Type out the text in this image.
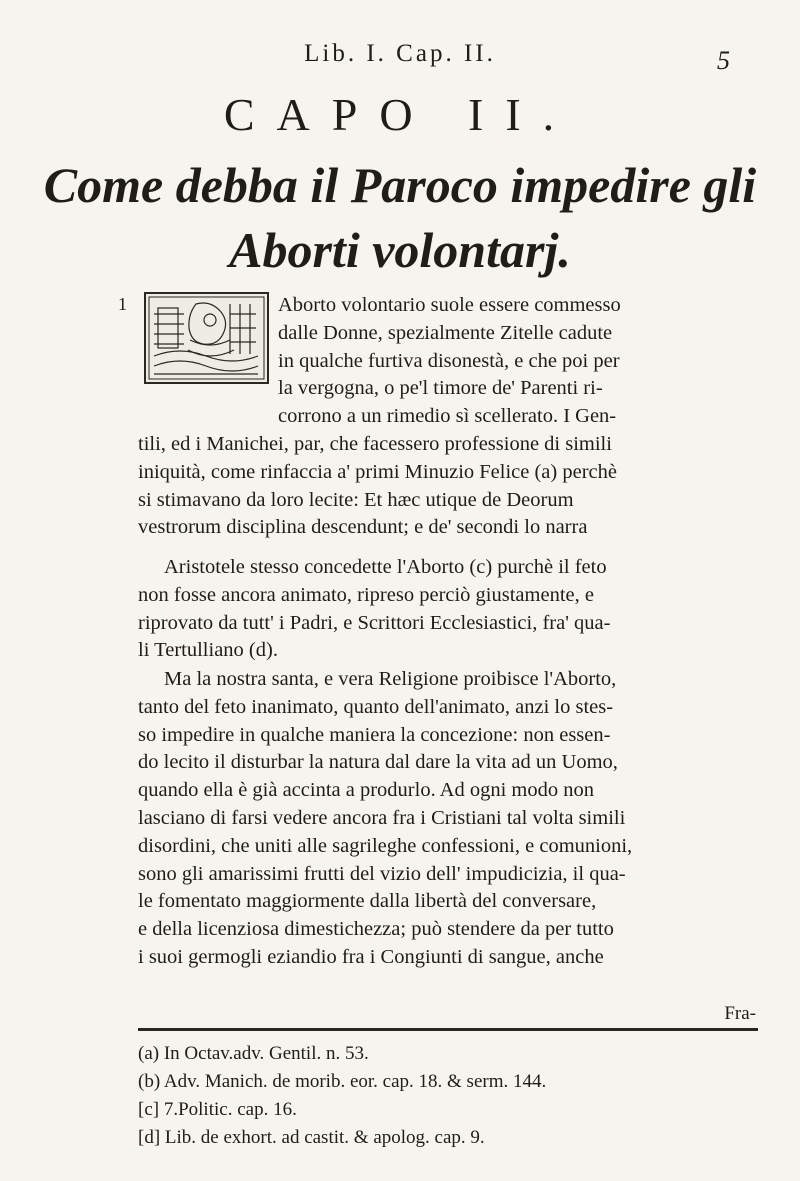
Lib. I. Cap. II.	5
CAPO II.
Come debba il Paroco impedire gli
Aborti volontarj.
1	Aborto volontario suole essere commesso
dalle Donne, spezialmente Zitelle cadute
in qualche furtiva disonestà, e che poi per
la vergogna, o pe'l timore de' Parenti ri-
corrono a un rimedio sì scellerato. I Gen-
tili, ed i Manichei, par, che facessero professione di simili
iniquità, come rinfaccia a' primi Minuzio Felice (a) perchè
si stimavano da loro lecite: Et hæc utique de Deorum
vestrorum disciplina descendunt; e de' secondi lo narra
Aristotele stesso concedette l'Aborto (c) purchè il feto
non fosse ancora animato, ripreso perciò giustamente, e
riprovato da tutt' i Padri, e Scrittori Ecclesiastici, fra' qua-
li Tertulliano (d).
Ma la nostra santa, e vera Religione proibisce l'Aborto,
tanto del feto inanimato, quanto dell'animato, anzi lo stes-
so impedire in qualche maniera la concezione: non essen-
do lecito il disturbar la natura dal dare la vita ad un Uomo,
quando ella è già accinta a produrlo. Ad ogni modo non
lasciano di farsi vedere ancora fra i Cristiani tal volta simili
disordini, che uniti alle sagrileghe confessioni, e comunioni,
sono gli amarissimi frutti del vizio dell' impudicizia, il qua-
le fomentato maggiormente dalla libertà del conversare,
e della licenziosa dimestichezza; può stendere da per tutto
i suoi germogli eziandio fra i Congiunti di sangue, anche
Fra-
(a) In Octav.adv. Gentil. n. 53.
(b) Adv. Manich. de morib. eor. cap. 18. & serm. 144.
[c] 7.Politic. cap. 16.
[d] Lib. de exhort. ad castit. & apolog. cap. 9.
